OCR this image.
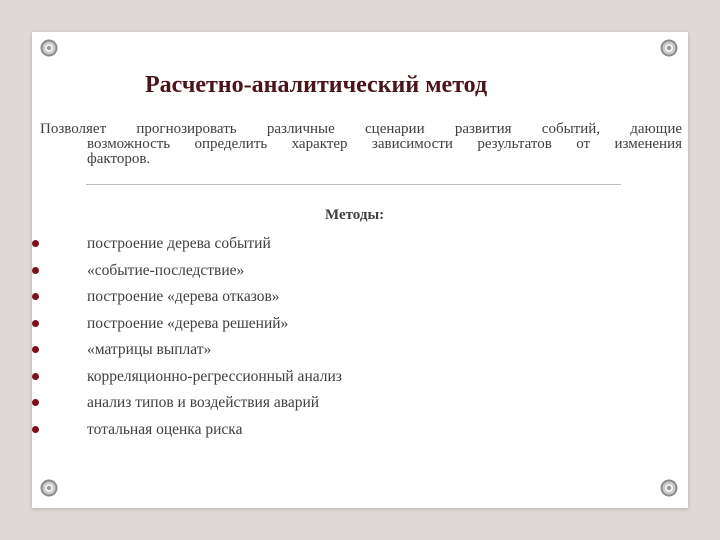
Расчетно-аналитический метод
Позволяет прогнозировать различные сценарии развития событий, дающие
возможность определить характер зависимости результатов от изменения
факторов.
Методы:
построение дерева событий
«событие-последствие»
построение «дерева отказов»
построение «дерева решений»
«матрицы выплат»
корреляционно-регрессионный анализ
анализ типов и воздействия аварий
тотальная оценка риска
